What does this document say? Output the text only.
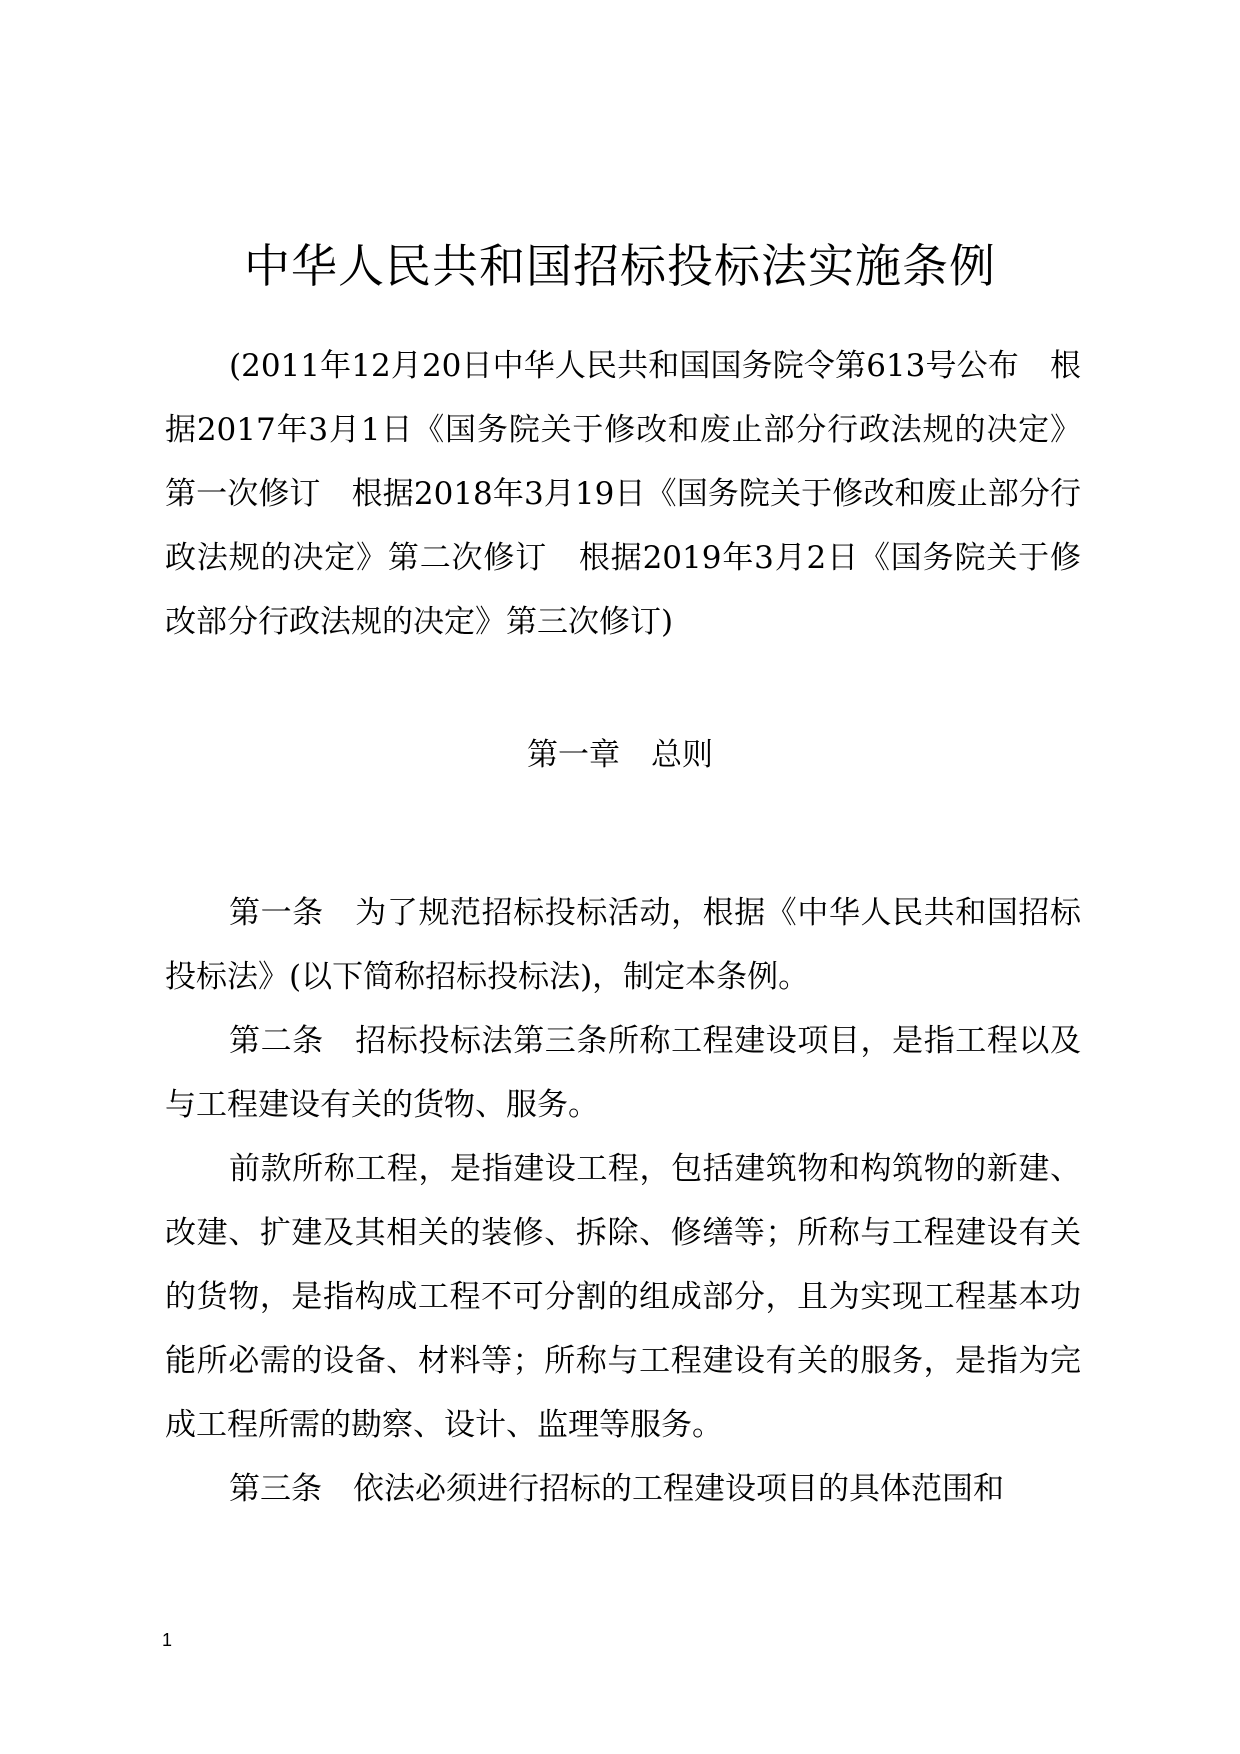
中华人民共和国招标投标法实施条例

(2011年12月20日中华人民共和国国务院令第613号公布　根据2017年3月1日《国务院关于修改和废止部分行政法规的决定》第一次修订　根据2018年3月19日《国务院关于修改和废止部分行政法规的决定》第二次修订　根据2019年3月2日《国务院关于修改部分行政法规的决定》第三次修订)

第一章　总则

第一条　为了规范招标投标活动，根据《中华人民共和国招标投标法》(以下简称招标投标法)，制定本条例。

第二条　招标投标法第三条所称工程建设项目，是指工程以及与工程建设有关的货物、服务。

前款所称工程，是指建设工程，包括建筑物和构筑物的新建、改建、扩建及其相关的装修、拆除、修缮等；所称与工程建设有关的货物，是指构成工程不可分割的组成部分，且为实现工程基本功能所必需的设备、材料等；所称与工程建设有关的服务，是指为完成工程所需的勘察、设计、监理等服务。

第三条　依法必须进行招标的工程建设项目的具体范围和

1
